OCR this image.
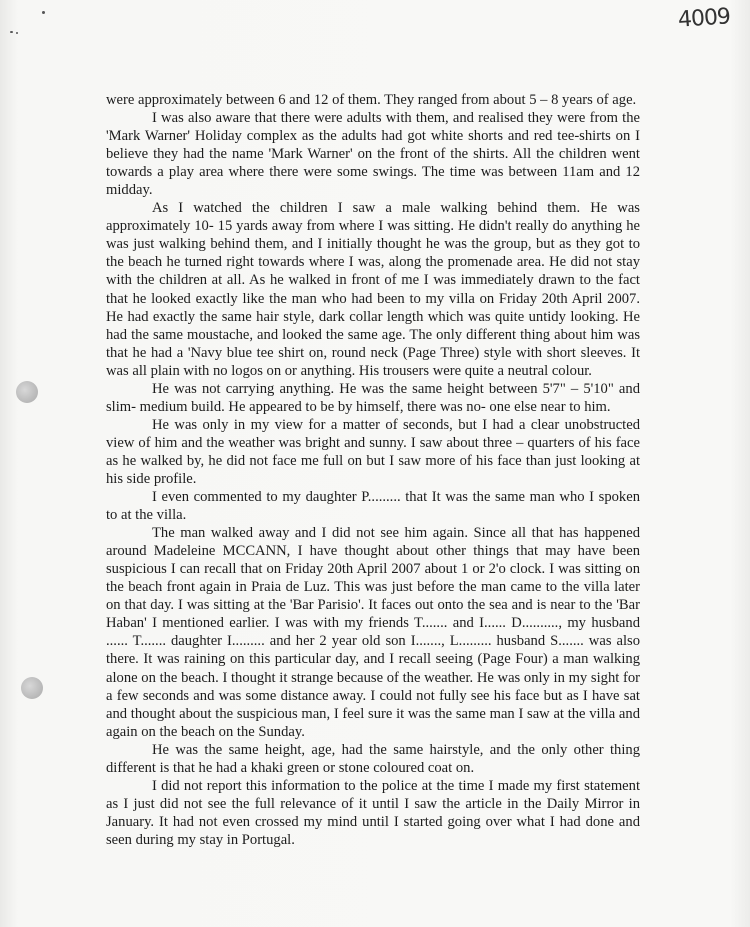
4009

were approximately between 6 and 12 of them. They ranged from about 5 – 8 years of age.

I was also aware that there were adults with them, and realised they were from the 'Mark Warner' Holiday complex as the adults had got white shorts and red tee-shirts on I believe they had the name 'Mark Warner' on the front of the shirts. All the children went towards a play area where there were some swings. The time was between 11am and 12 midday.

As I watched the children I saw a male walking behind them. He was approximately 10- 15 yards away from where I was sitting. He didn't really do anything he was just walking behind them, and I initially thought he was the group, but as they got to the beach he turned right towards where I was, along the promenade area. He did not stay with the children at all. As he walked in front of me I was immediately drawn to the fact that he looked exactly like the man who had been to my villa on Friday 20th April 2007. He had exactly the same hair style, dark collar length which was quite untidy looking. He had the same moustache, and looked the same age. The only different thing about him was that he had a 'Navy blue tee shirt on, round neck (Page Three) style with short sleeves. It was all plain with no logos on or anything. His trousers were quite a neutral colour.

He was not carrying anything. He was the same height between 5'7" – 5'10" and slim- medium build. He appeared to be by himself, there was no- one else near to him.

He was only in my view for a matter of seconds, but I had a clear unobstructed view of him and the weather was bright and sunny. I saw about three – quarters of his face as he walked by, he did not face me full on but I saw more of his face than just looking at his side profile.

I even commented to my daughter P......... that It was the same man who I spoken to at the villa.

The man walked away and I did not see him again. Since all that has happened around Madeleine MCCANN, I have thought about other things that may have been suspicious I can recall that on Friday 20th April 2007 about 1 or 2'o clock. I was sitting on the beach front again in Praia de Luz. This was just before the man came to the villa later on that day. I was sitting at the 'Bar Parisio'. It faces out onto the sea and is near to the 'Bar Haban' I mentioned earlier. I was with my friends T....... and I...... D.........., my husband ...... T....... daughter I......... and her 2 year old son I......., L......... husband S....... was also there. It was raining on this particular day, and I recall seeing (Page Four) a man walking alone on the beach. I thought it strange because of the weather. He was only in my sight for a few seconds and was some distance away. I could not fully see his face but as I have sat and thought about the suspicious man, I feel sure it was the same man I saw at the villa and again on the beach on the Sunday.

He was the same height, age, had the same hairstyle, and the only other thing different is that he had a khaki green or stone coloured coat on.

I did not report this information to the police at the time I made my first statement as I just did not see the full relevance of it until I saw the article in the Daily Mirror in January. It had not even crossed my mind until I started going over what I had done and seen during my stay in Portugal.
